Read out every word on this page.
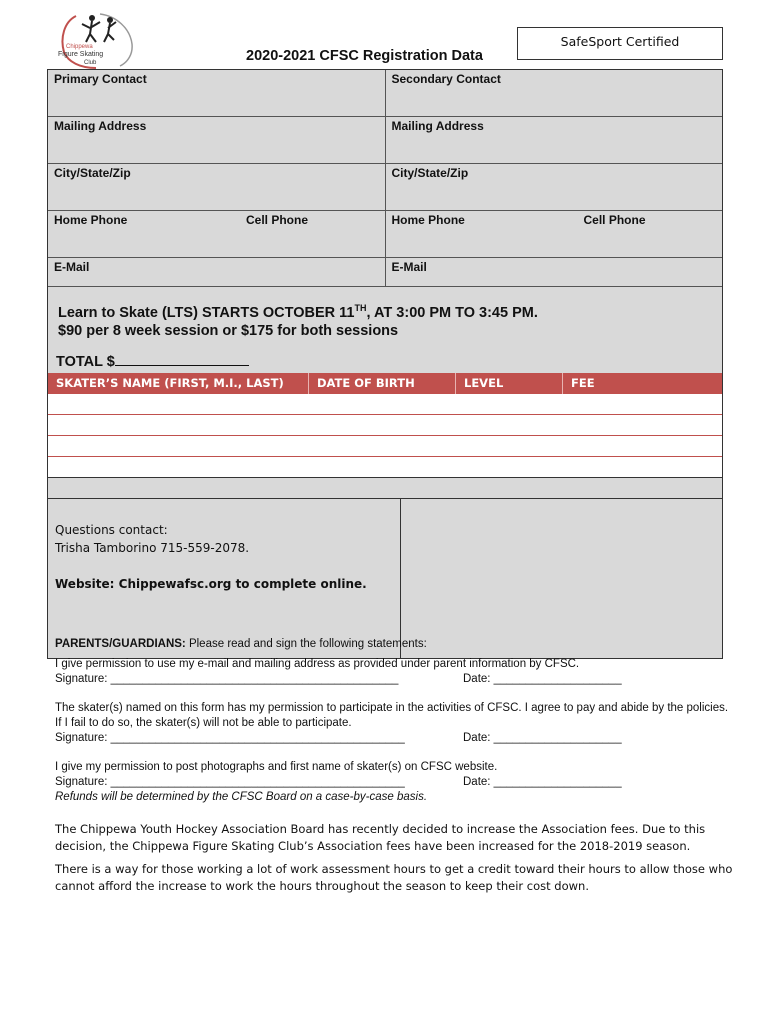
Chippewa
Figure Skating
Club
SafeSport Certified
2020-2021 CFSC Registration Data
Primary Contact	Secondary Contact
Mailing Address	Mailing Address
City/State/Zip	City/State/Zip
Home Phone	Cell Phone	Home Phone	Cell Phone
E-Mail	E-Mail
Learn to Skate (LTS) STARTS OCTOBER 11TH, AT 3:00 PM TO 3:45 PM.
$90 per 8 week session or $175 for both sessions
TOTAL $
SKATER’S NAME (FIRST, M.I., LAST)	DATE OF BIRTH	LEVEL	FEE
Questions contact:
Trisha Tamborino 715-559-2078.
Website: Chippewafsc.org to complete online.

PARENTS/GUARDIANS: Please read and sign the following statements:

I give permission to use my e-mail and mailing address as provided under parent information by CFSC.

Signature: _____________________________________________	Date: ____________________

The skater(s) named on this form has my permission to participate in the activities of CFSC. I agree to pay and abide by the policies. If I fail to do so, the skater(s) will not be able to participate.

Signature: ______________________________________________	Date: ____________________

I give my permission to post photographs and first name of skater(s) on CFSC website.

Signature: ______________________________________________	Date: ____________________

Refunds will be determined by the CFSC Board on a case-by-case basis.

The Chippewa Youth Hockey Association Board has recently decided to increase the Association fees. Due to this decision, the Chippewa Figure Skating Club’s Association fees have been increased for the 2018-2019 season.

There is a way for those working a lot of work assessment hours to get a credit toward their hours to allow those who cannot afford the increase to work the hours throughout the season to keep their cost down.
